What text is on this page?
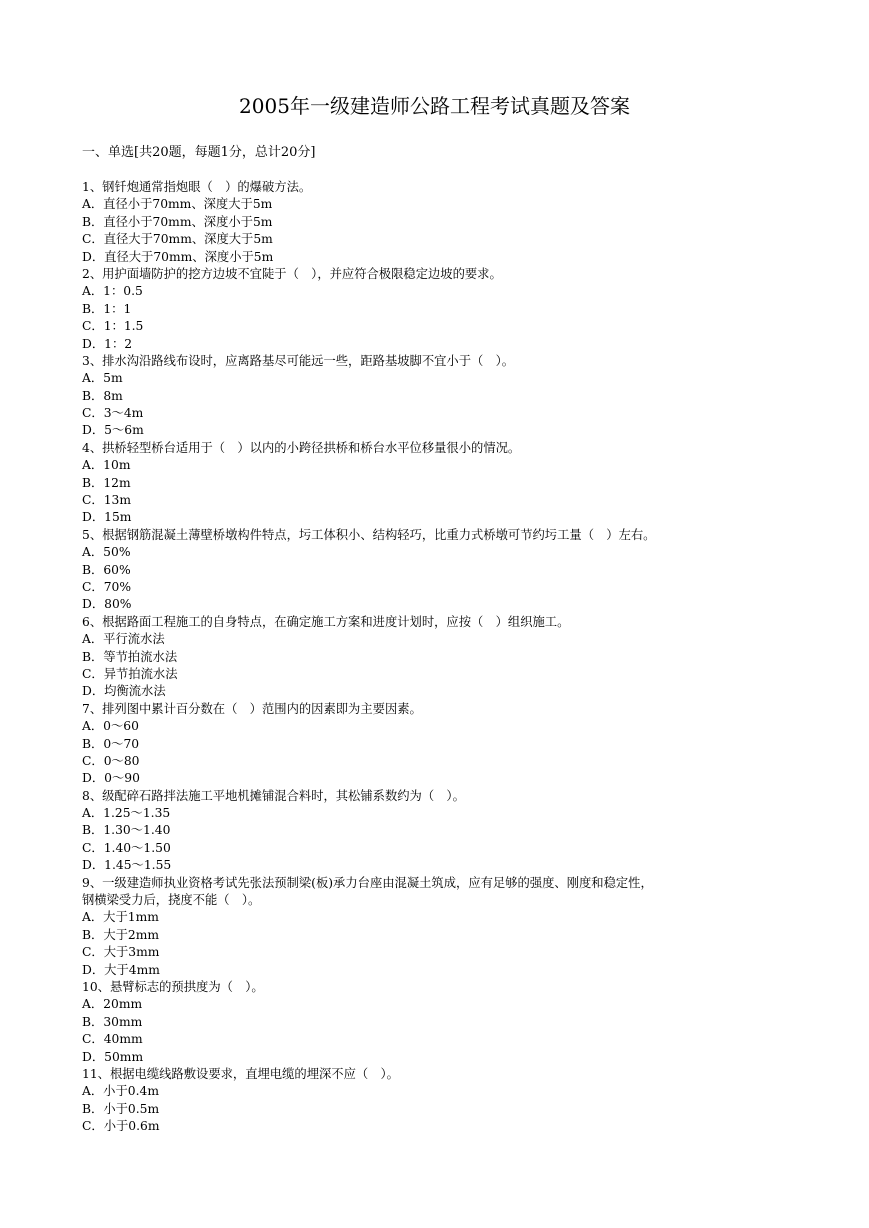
2005年一级建造师公路工程考试真题及答案
一、单选[共20题，每题1分，总计20分]
1、钢钎炮通常指炮眼（　）的爆破方法。
A．直径小于70mm、深度大于5m
B．直径小于70mm、深度小于5m
C．直径大于70mm、深度大于5m
D．直径大于70mm、深度小于5m
2、用护面墙防护的挖方边坡不宜陡于（　），并应符合极限稳定边坡的要求。
A．1：0.5
B．1：1
C．1：1.5
D．1：2
3、排水沟沿路线布设时，应离路基尽可能远一些，距路基坡脚不宜小于（　）。
A．5m
B．8m
C．3～4m
D．5～6m
4、拱桥轻型桥台适用于（　）以内的小跨径拱桥和桥台水平位移量很小的情况。
A．10m
B．12m
C．13m
D．15m
5、根据钢筋混凝土薄壁桥墩构件特点，圬工体积小、结构轻巧，比重力式桥墩可节约圬工量（　）左右。
A．50%
B．60%
C．70%
D．80%
6、根据路面工程施工的自身特点，在确定施工方案和进度计划时，应按（　）组织施工。
A．平行流水法
B．等节拍流水法
C．异节拍流水法
D．均衡流水法
7、排列图中累计百分数在（　）范围内的因素即为主要因素。
A．0～60
B．0～70
C．0～80
D．0～90
8、级配碎石路拌法施工平地机摊铺混合料时，其松铺系数约为（　）。
A．1.25～1.35
B．1.30～1.40
C．1.40～1.50
D．1.45～1.55
9、一级建造师执业资格考试先张法预制梁(板)承力台座由混凝土筑成，应有足够的强度、刚度和稳定性，
钢横梁受力后，挠度不能（　）。
A．大于1mm
B．大于2mm
C．大于3mm
D．大于4mm
10、悬臂标志的预拱度为（　）。
A．20mm
B．30mm
C．40mm
D．50mm
11、根据电缆线路敷设要求，直埋电缆的埋深不应（　）。
A．小于0.4m
B．小于0.5m
C．小于0.6m
